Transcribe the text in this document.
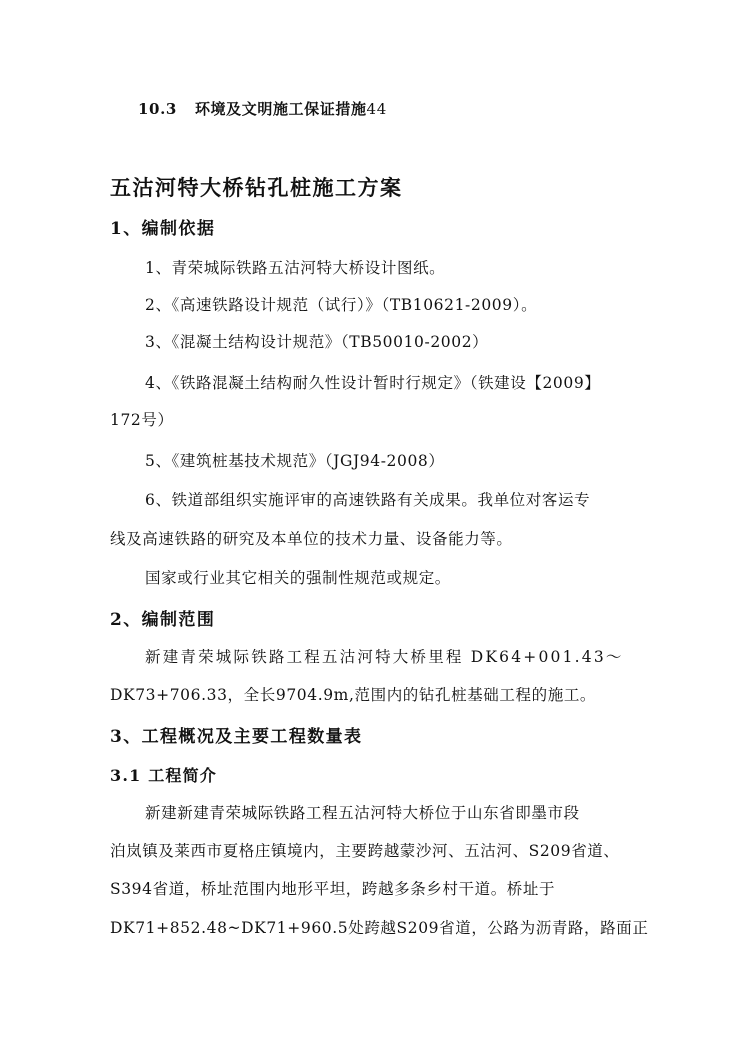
10.3 环境及文明施工保证措施44
五沽河特大桥钻孔桩施工方案
1、编制依据
1、青荣城际铁路五沽河特大桥设计图纸。
2、《高速铁路设计规范（试行）》（TB10621-2009）。
3、《混凝土结构设计规范》（TB50010-2002）
4、《铁路混凝土结构耐久性设计暂时行规定》（铁建设【2009】
172号）
5、《建筑桩基技术规范》（JGJ94-2008）
6、铁道部组织实施评审的高速铁路有关成果。我单位对客运专
线及高速铁路的研究及本单位的技术力量、设备能力等。
国家或行业其它相关的强制性规范或规定。
2、编制范围
新建青荣城际铁路工程五沽河特大桥里程 DK64+001.43～
DK73+706.33，全长9704.9m,范围内的钻孔桩基础工程的施工。
3、工程概况及主要工程数量表
3.1 工程简介
新建新建青荣城际铁路工程五沽河特大桥位于山东省即墨市段
泊岚镇及莱西市夏格庄镇境内，主要跨越蒙沙河、五沽河、S209省道、
S394省道，桥址范围内地形平坦，跨越多条乡村干道。桥址于
DK71+852.48~DK71+960.5处跨越S209省道，公路为沥青路，路面正
